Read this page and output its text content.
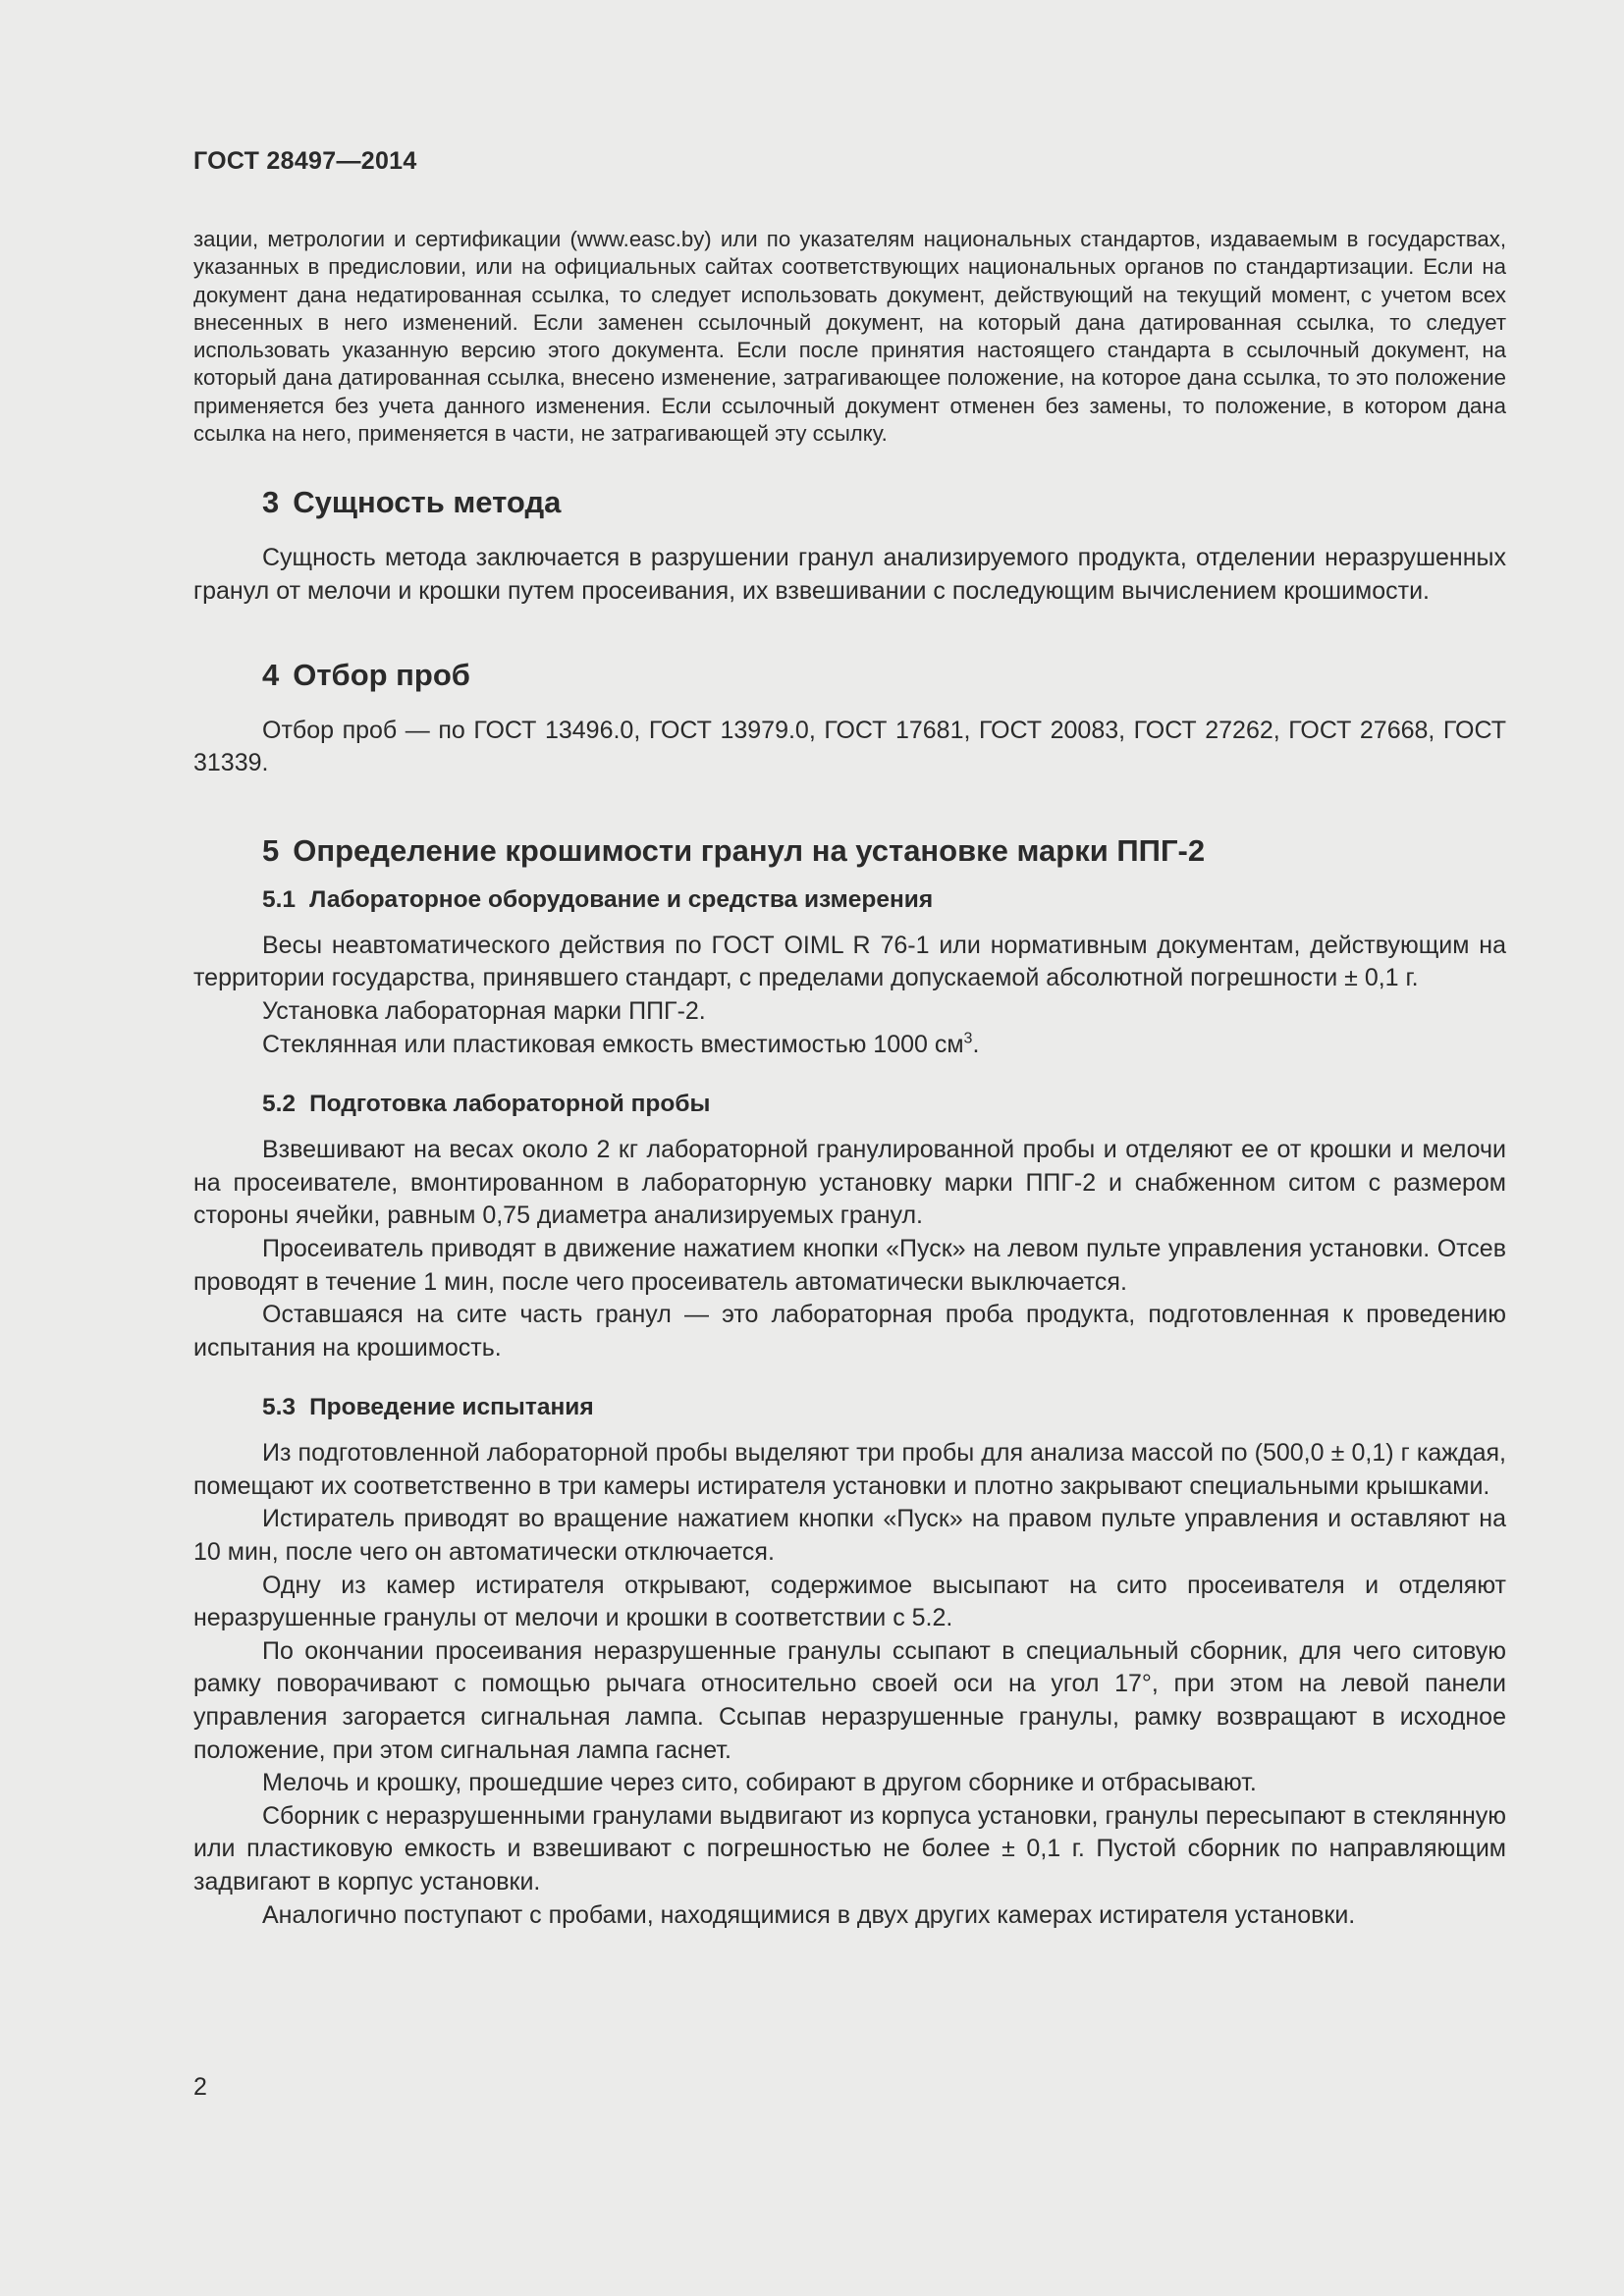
ГОСТ 28497—2014

зации, метрологии и сертификации (www.easc.by) или по указателям национальных стандартов, издаваемым в государствах, указанных в предисловии, или на официальных сайтах соответствующих национальных органов по стандартизации. Если на документ дана недатированная ссылка, то следует использовать документ, действующий на текущий момент, с учетом всех внесенных в него изменений. Если заменен ссылочный документ, на который дана датированная ссылка, то следует использовать указанную версию этого документа. Если после принятия настоящего стандарта в ссылочный документ, на который дана датированная ссылка, внесено изменение, затрагивающее положение, на которое дана ссылка, то это положение применяется без учета данного изменения. Если ссылочный документ отменен без замены, то положение, в котором дана ссылка на него, применяется в части, не затрагивающей эту ссылку.

3 Сущность метода

Сущность метода заключается в разрушении гранул анализируемого продукта, отделении неразрушенных гранул от мелочи и крошки путем просеивания, их взвешивании с последующим вычислением крошимости.

4 Отбор проб

Отбор проб — по ГОСТ 13496.0, ГОСТ 13979.0, ГОСТ 17681, ГОСТ 20083, ГОСТ 27262, ГОСТ 27668, ГОСТ 31339.

5 Определение крошимости гранул на установке марки ППГ-2
5.1 Лабораторное оборудование и средства измерения

Весы неавтоматического действия по ГОСТ OIML R 76-1 или нормативным документам, действующим на территории государства, принявшего стандарт, с пределами допускаемой абсолютной погрешности ± 0,1 г.

Установка лабораторная марки ППГ-2.

Стеклянная или пластиковая емкость вместимостью 1000 $см^3$.

5.2 Подготовка лабораторной пробы

Взвешивают на весах около 2 кг лабораторной гранулированной пробы и отделяют ее от крошки и мелочи на просеивателе, вмонтированном в лабораторную установку марки ППГ-2 и снабженном ситом с размером стороны ячейки, равным 0,75 диаметра анализируемых гранул.

Просеиватель приводят в движение нажатием кнопки «Пуск» на левом пульте управления установки. Отсев проводят в течение 1 мин, после чего просеиватель автоматически выключается.

Оставшаяся на сите часть гранул — это лабораторная проба продукта, подготовленная к проведению испытания на крошимость.

5.3 Проведение испытания

Из подготовленной лабораторной пробы выделяют три пробы для анализа массой по (500,0 ± 0,1) г каждая, помещают их соответственно в три камеры истирателя установки и плотно закрывают специальными крышками.

Истиратель приводят во вращение нажатием кнопки «Пуск» на правом пульте управления и оставляют на 10 мин, после чего он автоматически отключается.

Одну из камер истирателя открывают, содержимое высыпают на сито просеивателя и отделяют неразрушенные гранулы от мелочи и крошки в соответствии с 5.2.

По окончании просеивания неразрушенные гранулы ссыпают в специальный сборник, для чего ситовую рамку поворачивают с помощью рычага относительно своей оси на угол 17°, при этом на левой панели управления загорается сигнальная лампа. Ссыпав неразрушенные гранулы, рамку возвращают в исходное положение, при этом сигнальная лампа гаснет.

Мелочь и крошку, прошедшие через сито, собирают в другом сборнике и отбрасывают.

Сборник с неразрушенными гранулами выдвигают из корпуса установки, гранулы пересыпают в стеклянную или пластиковую емкость и взвешивают с погрешностью не более ± 0,1 г. Пустой сборник по направляющим задвигают в корпус установки.

Аналогично поступают с пробами, находящимися в двух других камерах истирателя установки.

2
